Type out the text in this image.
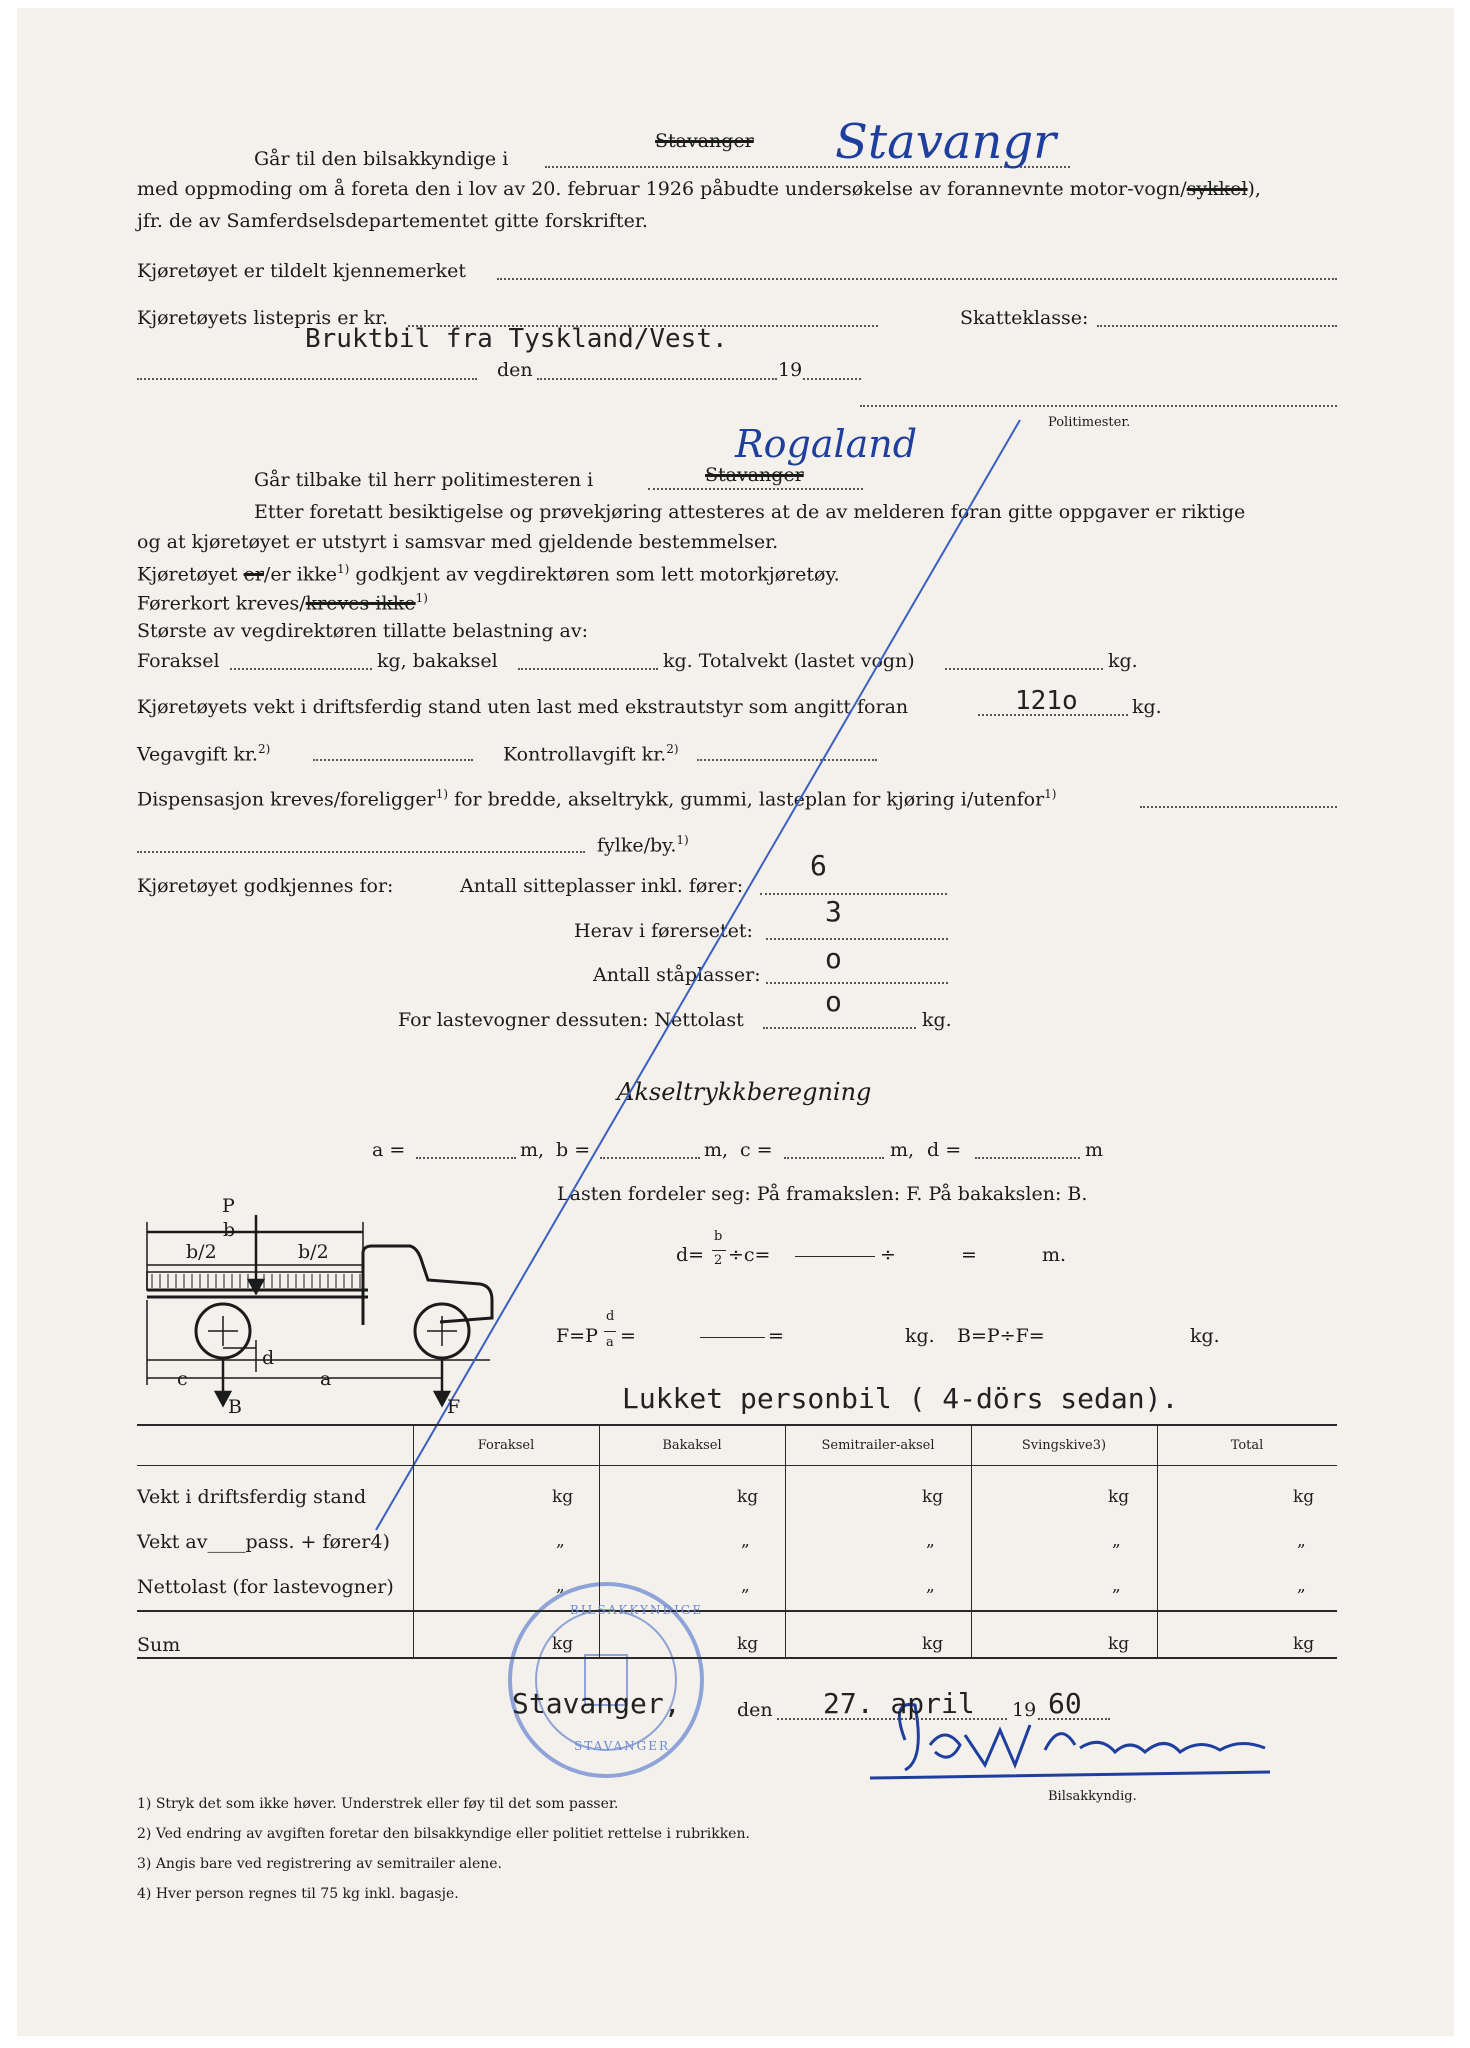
Går til den bilsakkyndige i
Stavanger Stavangr
med oppmoding om å foreta den i lov av 20. februar 1926 påbudte undersøkelse av forannevnte motor-vogn/sykkel),
jfr. de av Samferdselsdepartementet gitte forskrifter.
Kjøretøyet er tildelt kjennemerket
Kjøretøyets listepris er kr.	Skatteklasse:
Bruktbil fra Tyskland/Vest.
den	19
Politimester.
Rogaland
Går tilbake til herr politimesteren i	Stavanger
Etter foretatt besiktigelse og prøvekjøring attesteres at de av melderen foran gitte oppgaver er riktige
og at kjøretøyet er utstyrt i samsvar med gjeldende bestemmelser.
Kjøretøyet er/er ikke$^{1)}$ godkjent av vegdirektøren som lett motorkjøretøy.
Førerkort kreves/kreves ikke$^{1)}$
Største av vegdirektøren tillatte belastning av:
Foraksel	kg, bakaksel	kg. Totalvekt (lastet vogn)	kg.
Kjøretøyets vekt i driftsferdig stand uten last med ekstrautstyr som angitt foran	121o	kg.
Vegavgift kr.$^{2)}$	Kontrollavgift kr.$^{2)}$
Dispensasjon kreves/foreligger$^{1)}$ for bredde, akseltrykk, gummi, lasteplan for kjøring i/utenfor$^{1)}$
fylke/by.$^{1)}$
Kjøretøyet godkjennes for:	Antall sitteplasser inkl. fører:
6
Herav i førersetet:
3
Antall ståplasser: o
For lastevogner dessuten: Nettolast
o
kg.
Akseltrykkberegning
a =	m, b =	m, c =	m, d =	m
Lasten fordeler seg: På framakslen: F. På bakakslen: B.
d=
b
2 ÷c=	÷	=	m.
F=P
d
a =	=	kg. B=P÷F=	kg.
P
b
b/2	b/2
d
c	a
B	F	Lukket personbil ( 4-dörs sedan).
Foraksel	Bakaksel	Semitrailer-aksel	Svingskive3)	Total
Vekt i driftsferdig stand	kg	kg	kg	kg	kg
Vekt av____pass. + fører4)	„	„	„	„	„
Nettolast (for lastevogner)	„	„	„	„	„
Sum	kg	kg	kg	kg	kg
BILSAKKYNDIGE
STAVANGER
Stavanger,	den 27. april 19 60
Bilsakkyndig.
1) Stryk det som ikke høver. Understrek eller føy til det som passer.
2) Ved endring av avgiften foretar den bilsakkyndige eller politiet rettelse i rubrikken.
3) Angis bare ved registrering av semitrailer alene.
4) Hver person regnes til 75 kg inkl. bagasje.
